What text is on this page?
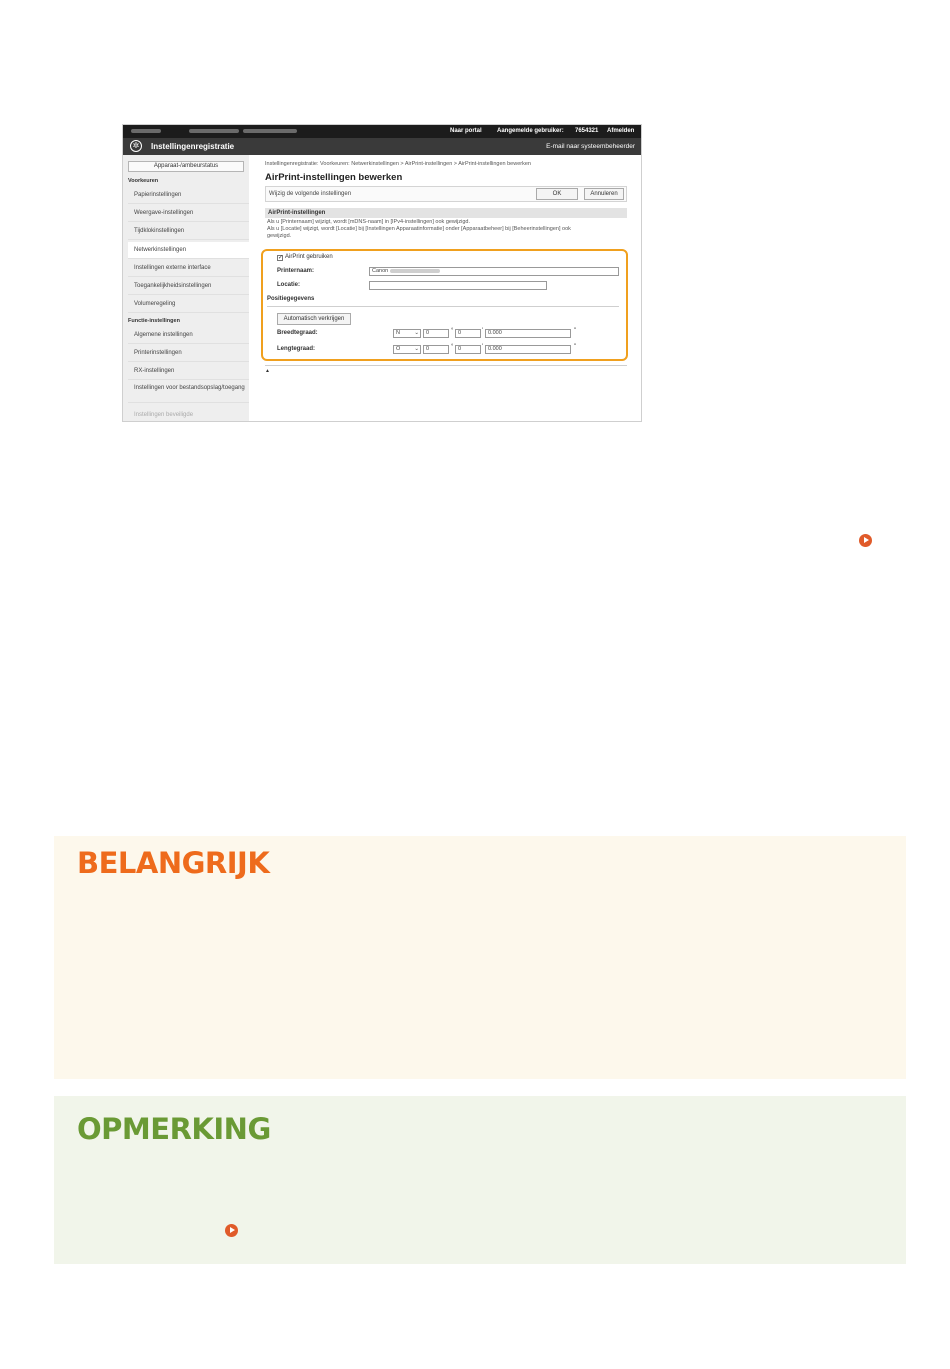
Naar portal	Aangemelde gebruiker: 7654321 Afmelden
✲	Instellingenregistratie	E-mail naar systeembeheerder
Apparaat-/ambeurstatus
Voorkeuren
Papierinstellingen
Weergave-instellingen
Tijdklokinstellingen
Netwerkinstellingen
Instellingen externe interface
Toegankelijkheidsinstellingen
Volumeregeling
Functie-instellingen
Algemene instellingen
Printerinstellingen
RX-instellingen
Instellingen voor bestandsopslag/toegang
Instellingen beveiligde
Instellingenregistratie: Voorkeuren: Netwerkinstellingen > AirPrint-instellingen > AirPrint-instellingen bewerken
AirPrint-instellingen bewerken
Wijzig de volgende instellingen	OK	Annuleren
AirPrint-instellingen
Als u [Printernaam] wijzigt, wordt [mDNS-naam] in [IPv4-instellingen] ook gewijzigd.
Als u [Locatie] wijzigt, wordt [Locatie] bij [Instellingen Apparaatinformatie] onder [Apparaatbeheer] bij [Beheerinstellingen] ook
gewijzigd.
✓ AirPrint gebruiken
Printernaam:	Canon
Locatie:
Positiegegevens
Automatisch verkrijgen
Breedtegraad:	N	⌄	0	° 0	' 0.000	"
Lengtegraad:	O	⌄	0	° 0	' 0.000	"
▲
BELANGRIJK
OPMERKING
